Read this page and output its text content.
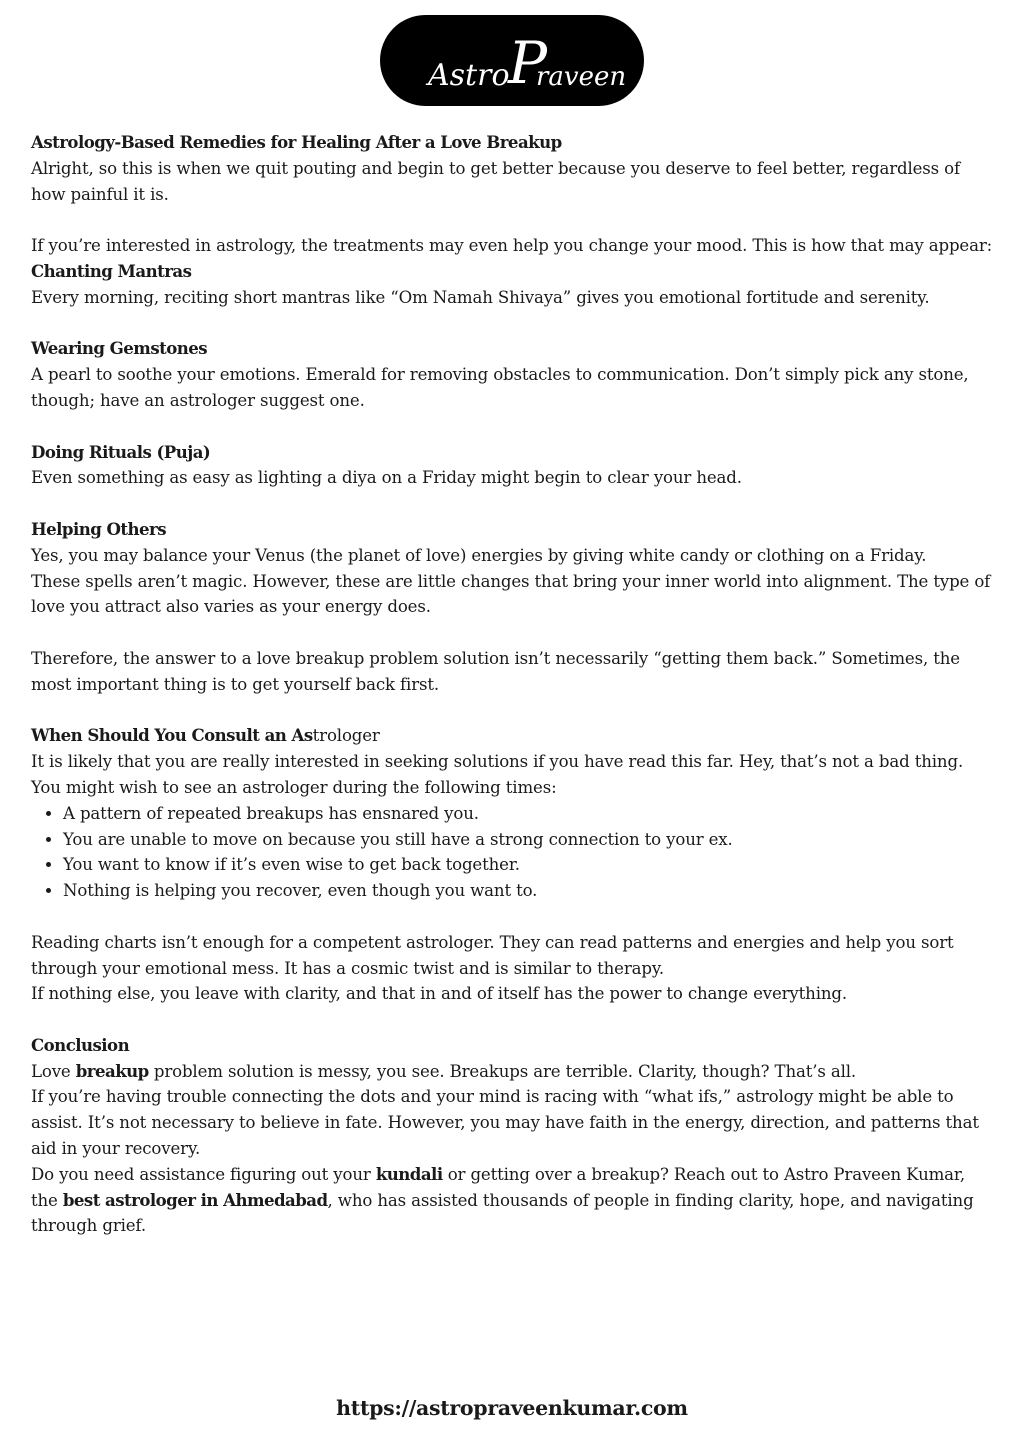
Astro
P
raveen

Astrology-Based Remedies for Healing After a Love Breakup

Alright, so this is when we quit pouting and begin to get better because you deserve to feel better, regardless of how painful it is.

If you’re interested in astrology, the treatments may even help you change your mood. This is how that may appear:

Chanting Mantras

Every morning, reciting short mantras like “Om Namah Shivaya” gives you emotional fortitude and serenity.

Wearing Gemstones

A pearl to soothe your emotions. Emerald for removing obstacles to communication. Don’t simply pick any stone, though; have an astrologer suggest one.

Doing Rituals (Puja)

Even something as easy as lighting a diya on a Friday might begin to clear your head.

Helping Others

Yes, you may balance your Venus (the planet of love) energies by giving white candy or clothing on a Friday.

These spells aren’t magic. However, these are little changes that bring your inner world into alignment. The type of love you attract also varies as your energy does.

Therefore, the answer to a love breakup problem solution isn’t necessarily “getting them back.” Sometimes, the most important thing is to get yourself back first.

When Should You Consult an Astrologer

It is likely that you are really interested in seeking solutions if you have read this far. Hey, that’s not a bad thing. You might wish to see an astrologer during the following times:

• A pattern of repeated breakups has ensnared you.
• You are unable to move on because you still have a strong connection to your ex.
• You want to know if it’s even wise to get back together.
• Nothing is helping you recover, even though you want to.

Reading charts isn’t enough for a competent astrologer. They can read patterns and energies and help you sort through your emotional mess. It has a cosmic twist and is similar to therapy.

If nothing else, you leave with clarity, and that in and of itself has the power to change everything.

Conclusion

Love breakup problem solution is messy, you see. Breakups are terrible. Clarity, though? That’s all.

If you’re having trouble connecting the dots and your mind is racing with “what ifs,” astrology might be able to assist. It’s not necessary to believe in fate. However, you may have faith in the energy, direction, and patterns that aid in your recovery.

Do you need assistance figuring out your kundali or getting over a breakup? Reach out to Astro Praveen Kumar, the best astrologer in Ahmedabad, who has assisted thousands of people in finding clarity, hope, and navigating through grief.

https://astropraveenkumar.com
